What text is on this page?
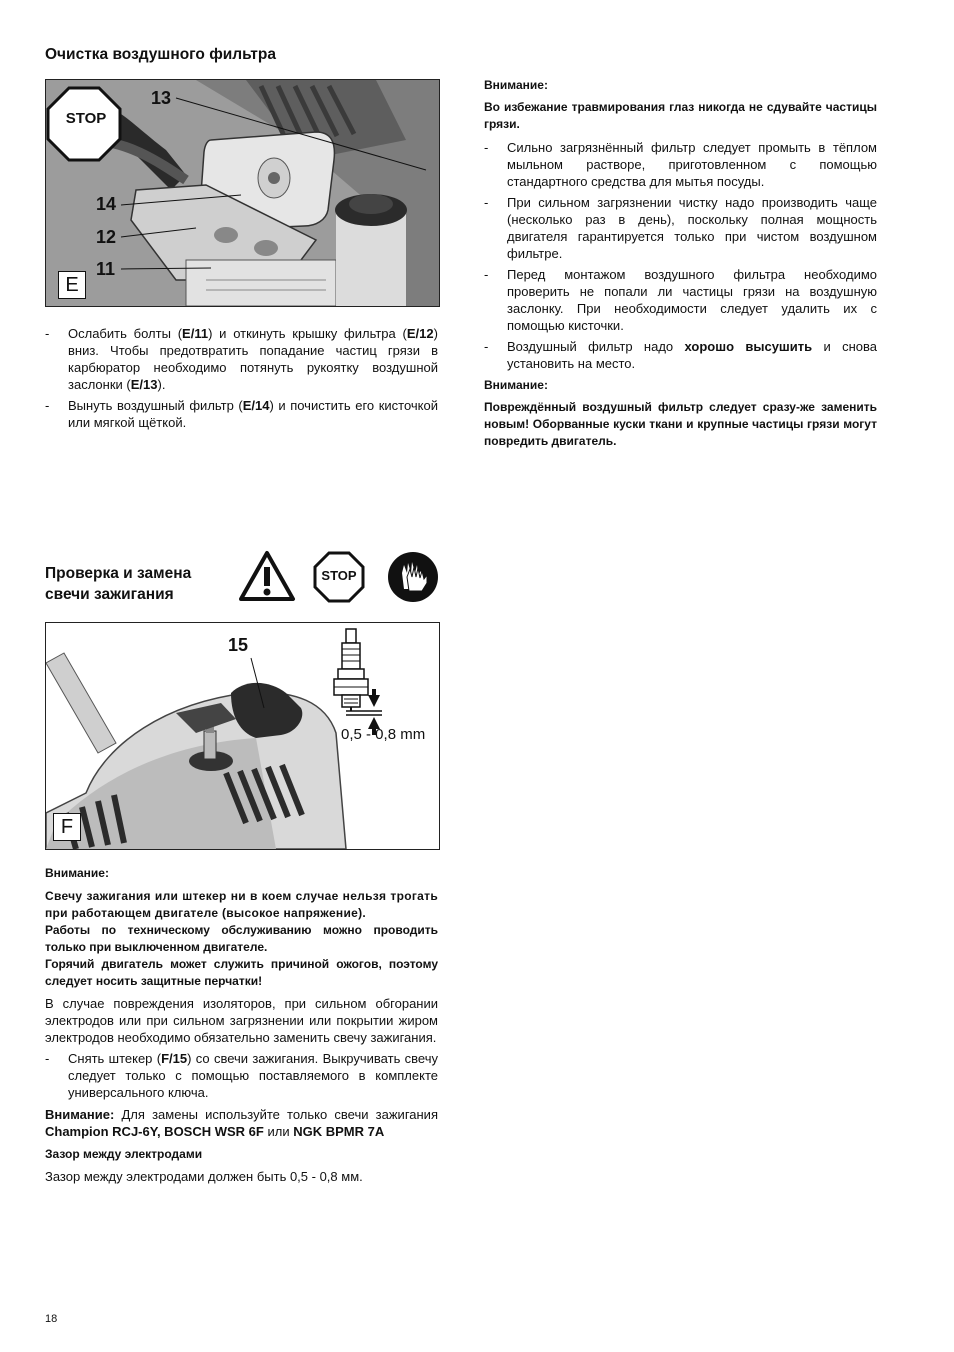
Очистка воздушного фильтра
STOP
13
14
12
11
E
- Ослабить болты (E/11) и откинуть крышку фильтра (E/12) вниз. Чтобы предотвратить попадание частиц грязи в карбюратор необходимо потянуть рукоятку воздушной заслонки (E/13).
- Вынуть воздушный фильтр (E/14) и почистить его кисточкой или мягкой щёткой.
Внимание:
Во избежание травмирования глаз никогда не сдувайте частицы грязи.
- Сильно загрязнённый фильтр следует промыть в тёплом мыльном растворе, приготовленном с помощью стандартного средства для мытья посуды.
- При сильном загрязнении чистку надо производить чаще (несколько раз в день), поскольку полная мощность двигателя гарантируется только при чистом воздушном фильтре.
- Перед монтажом воздушного фильтра необходимо проверить не попали ли частицы грязи на воздушную заслонку. При необходимости следует удалить их с помощью кисточки.
- Воздушный фильтр надо хорошо высушить и снова установить на место.
Внимание:
Повреждённый воздушный фильтр следует сразу-же заменить новым! Оборванные куски ткани и крупные частицы грязи могут повредить двигатель.
Проверка и замена
свечи зажигания
STOP
15
0,5 - 0,8 mm
F
Внимание:
Свечу зажигания или штекер ни в коем случае нельзя трогать при работающем двигателе (высокое напряжение).
Работы по техническому обслуживанию можно проводить только при выключенном двигателе.
Горячий двигатель может служить причиной ожогов, поэтому следует носить защитные перчатки!
В случае повреждения изоляторов, при сильном обгорании электродов или при сильном загрязнении или покрытии жиром электродов необходимо обязательно заменить свечу зажигания.
- Снять штекер (F/15) со свечи зажигания. Выкручивать свечу следует только с помощью поставляемого в комплекте универсального ключа.
Внимание: Для замены используйте только свечи зажигания Champion RCJ-6Y, BOSCH WSR 6F или NGK BPMR 7A
Зазор между электродами
Зазор между электродами должен быть 0,5 - 0,8 мм.
18
